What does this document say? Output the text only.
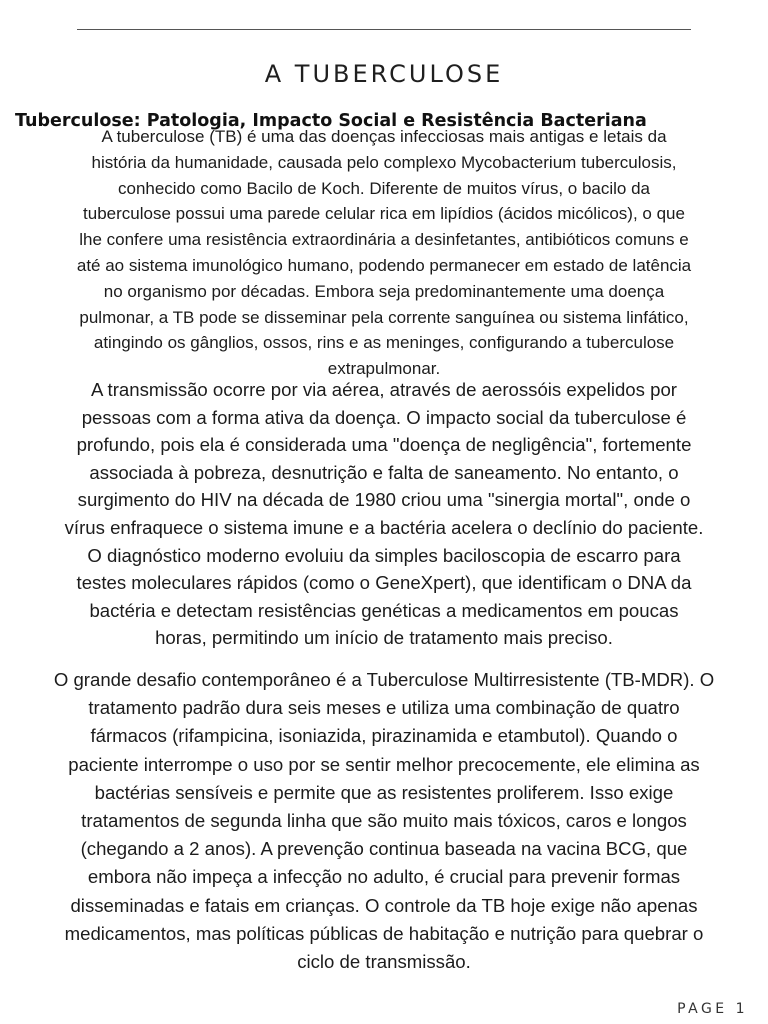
A TUBERCULOSE
Tuberculose: Patologia, Impacto Social e Resistência Bacteriana

A tuberculose (TB) é uma das doenças infecciosas mais antigas e letais da
história da humanidade, causada pelo complexo Mycobacterium tuberculosis,
conhecido como Bacilo de Koch. Diferente de muitos vírus, o bacilo da
tuberculose possui uma parede celular rica em lipídios (ácidos micólicos), o que
lhe confere uma resistência extraordinária a desinfetantes, antibióticos comuns e
até ao sistema imunológico humano, podendo permanecer em estado de latência
no organismo por décadas. Embora seja predominantemente uma doença
pulmonar, a TB pode se disseminar pela corrente sanguínea ou sistema linfático,
atingindo os gânglios, ossos, rins e as meninges, configurando a tuberculose
extrapulmonar.

A transmissão ocorre por via aérea, através de aerossóis expelidos por
pessoas com a forma ativa da doença. O impacto social da tuberculose é
profundo, pois ela é considerada uma "doença de negligência", fortemente
associada à pobreza, desnutrição e falta de saneamento. No entanto, o
surgimento do HIV na década de 1980 criou uma "sinergia mortal", onde o
vírus enfraquece o sistema imune e a bactéria acelera o declínio do paciente.
O diagnóstico moderno evoluiu da simples baciloscopia de escarro para
testes moleculares rápidos (como o GeneXpert), que identificam o DNA da
bactéria e detectam resistências genéticas a medicamentos em poucas
horas, permitindo um início de tratamento mais preciso.

O grande desafio contemporâneo é a Tuberculose Multirresistente (TB-MDR). O
tratamento padrão dura seis meses e utiliza uma combinação de quatro
fármacos (rifampicina, isoniazida, pirazinamida e etambutol). Quando o
paciente interrompe o uso por se sentir melhor precocemente, ele elimina as
bactérias sensíveis e permite que as resistentes proliferem. Isso exige
tratamentos de segunda linha que são muito mais tóxicos, caros e longos
(chegando a 2 anos). A prevenção continua baseada na vacina BCG, que
embora não impeça a infecção no adulto, é crucial para prevenir formas
disseminadas e fatais em crianças. O controle da TB hoje exige não apenas
medicamentos, mas políticas públicas de habitação e nutrição para quebrar o
ciclo de transmissão.

PAGE 1
